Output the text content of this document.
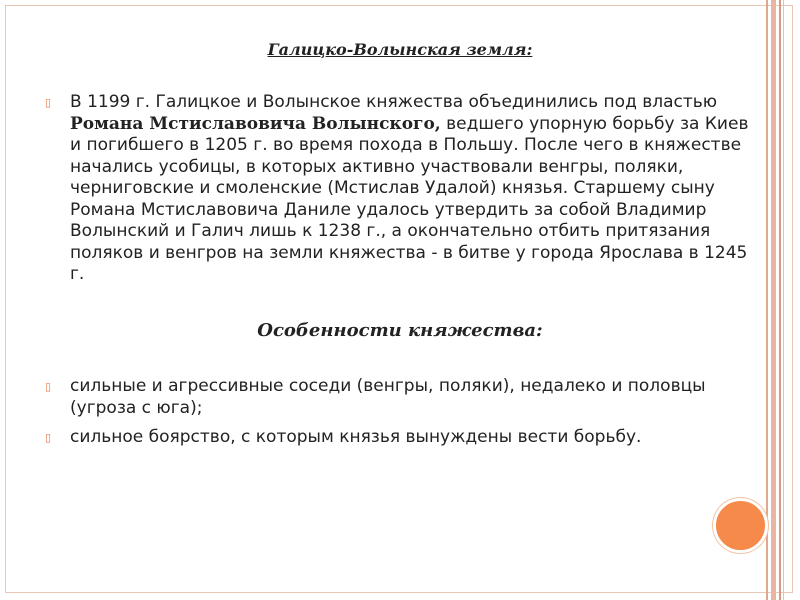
Галицко-Волынская земля:
▯ В 1199 г. Галицкое и Волынское княжества объединились под властью Романа Мстиславовича Волынского, ведшего упорную борьбу за Киев и погибшего в 1205 г. во время похода в Польшу. После чего в княжестве начались усобицы, в которых активно участвовали венгры, поляки, черниговские и смоленские (Мстислав Удалой) князья. Старшему сыну Романа Мстиславовича Даниле удалось утвердить за собой Владимир Волынский и Галич лишь к 1238 г., а окончательно отбить притязания поляков и венгров на земли княжества - в битве у города Ярослава в 1245 г.
Особенности княжества:
▯ сильные и агрессивные соседи (венгры, поляки), недалеко и половцы (угроза с юга);
▯ сильное боярство, с которым князья вынуждены вести борьбу.
